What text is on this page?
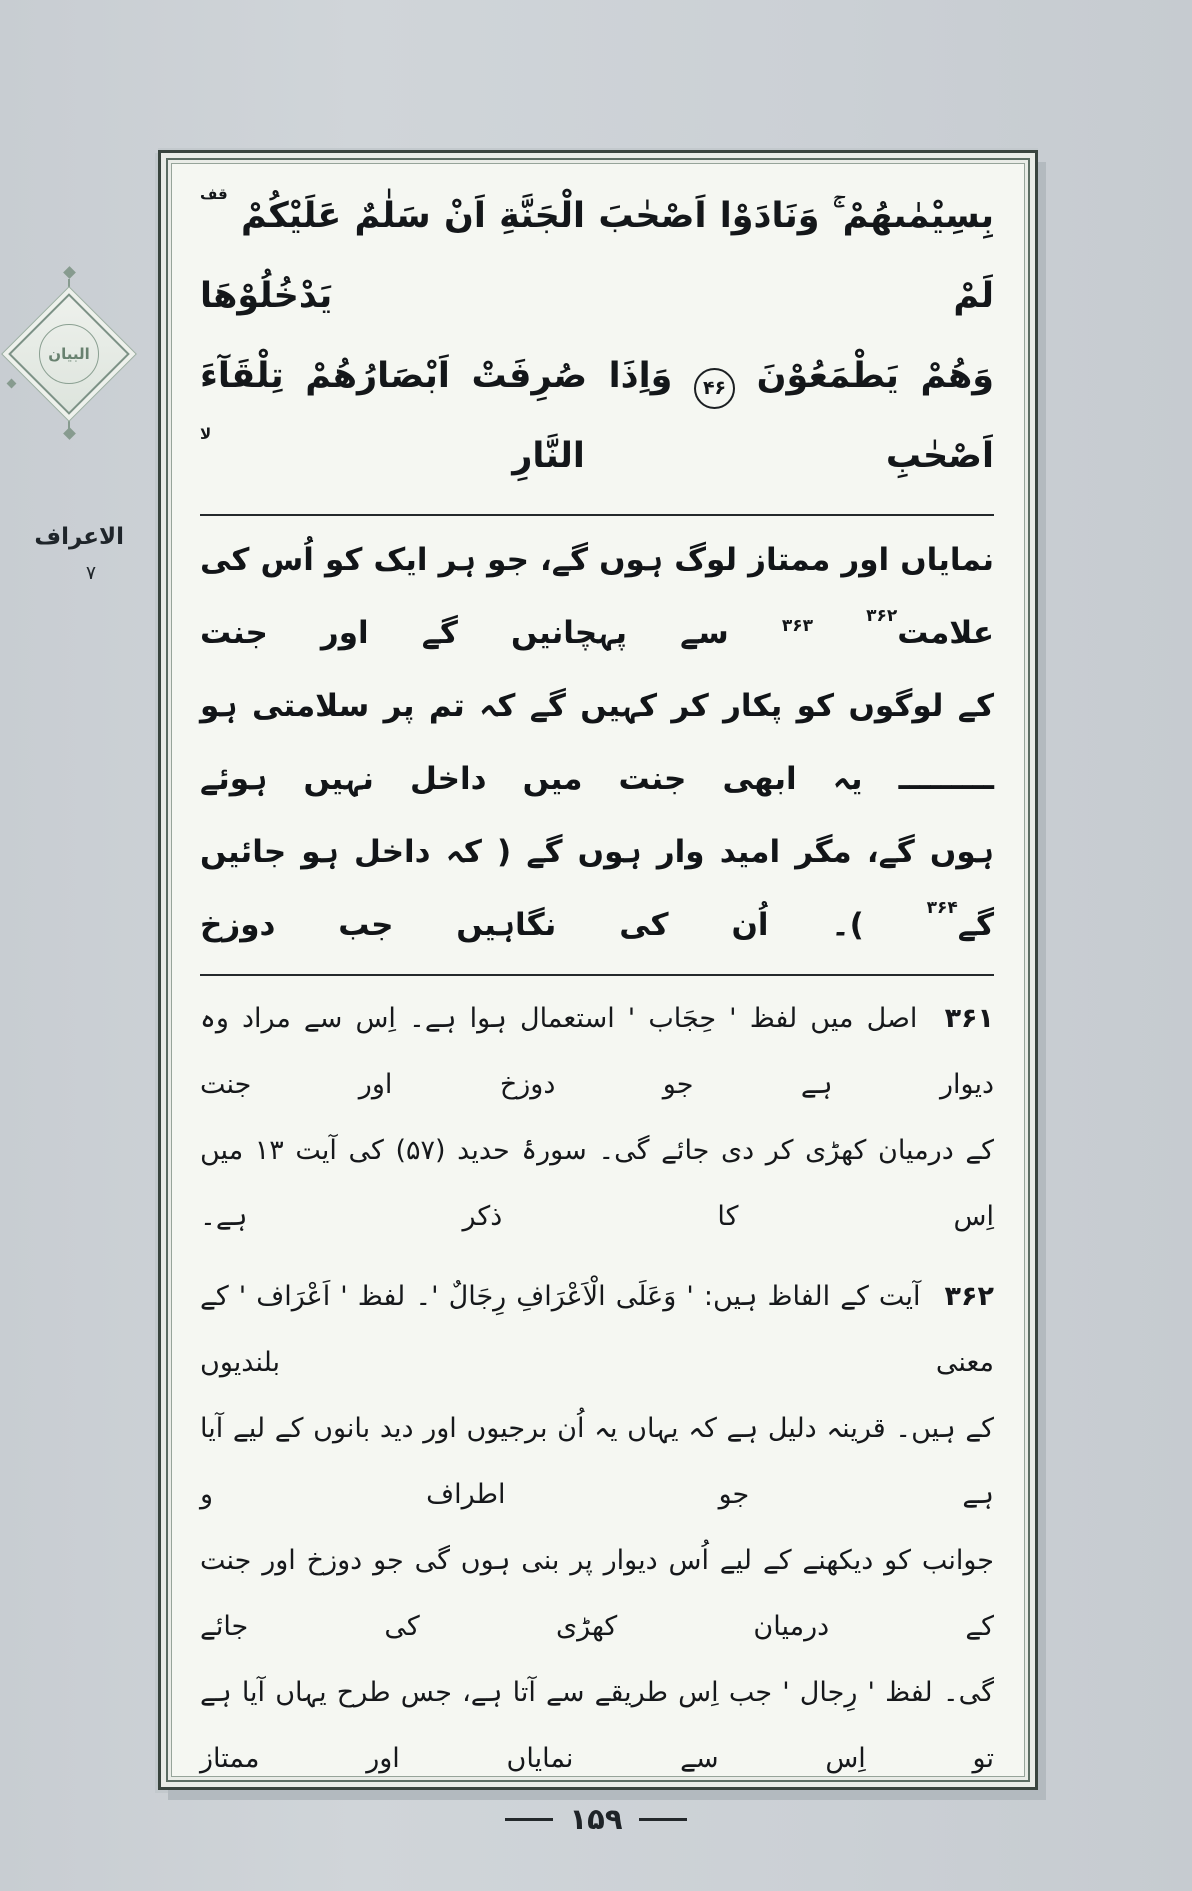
البيان
الاعراف
۷
بِسِيْمٰىهُمْ ۚ وَنَادَوْا اَصْحٰبَ الْجَنَّةِ اَنْ سَلٰمٌ عَلَيْكُمْ $^{قف}$ لَمْ يَدْخُلُوْهَا
وَهُمْ يَطْمَعُوْنَ ۴۶ وَاِذَا صُرِفَتْ اَبْصَارُهُمْ تِلْقَآءَ اَصْحٰبِ النَّارِ $^{لا}$
نمایاں اور ممتاز لوگ ہوں گے، جو ہر ایک کو اُس کی علامت$^{۳۶۲}$ $^{۳۶۳}$ سے پہچانیں گے اور جنت
کے لوگوں کو پکار کر کہیں گے کہ تم پر سلامتی ہو ـــــــــ یہ ابھی جنت میں داخل نہیں ہوئے
ہوں گے، مگر امید وار ہوں گے ( کہ داخل ہو جائیں گے$^{۳۶۴}$ )۔ اُن کی نگاہیں جب دوزخ
۳۶۱ اصل میں لفظ ' حِجَاب ' استعمال ہوا ہے۔ اِس سے مراد وہ دیوار ہے جو دوزخ اور جنت
کے درمیان کھڑی کر دی جائے گی۔ سورۂ حدید (۵۷) کی آیت ۱۳ میں اِس کا ذکر ہے۔
۳۶۲ آیت کے الفاظ ہیں: ' وَعَلَى الْاَعْرَافِ رِجَالٌ '۔ لفظ ' اَعْرَاف ' کے معنی بلندیوں
کے ہیں۔ قرینہ دلیل ہے کہ یہاں یہ اُن برجیوں اور دید بانوں کے لیے آیا ہے جو اطراف و
جوانب کو دیکھنے کے لیے اُس دیوار پر بنی ہوں گی جو دوزخ اور جنت کے درمیان کھڑی کی جائے
گی۔ لفظ ' رِجال ' جب اِس طریقے سے آتا ہے، جس طرح یہاں آیا ہے تو اِس سے نمایاں اور ممتاز
۱۵۹
